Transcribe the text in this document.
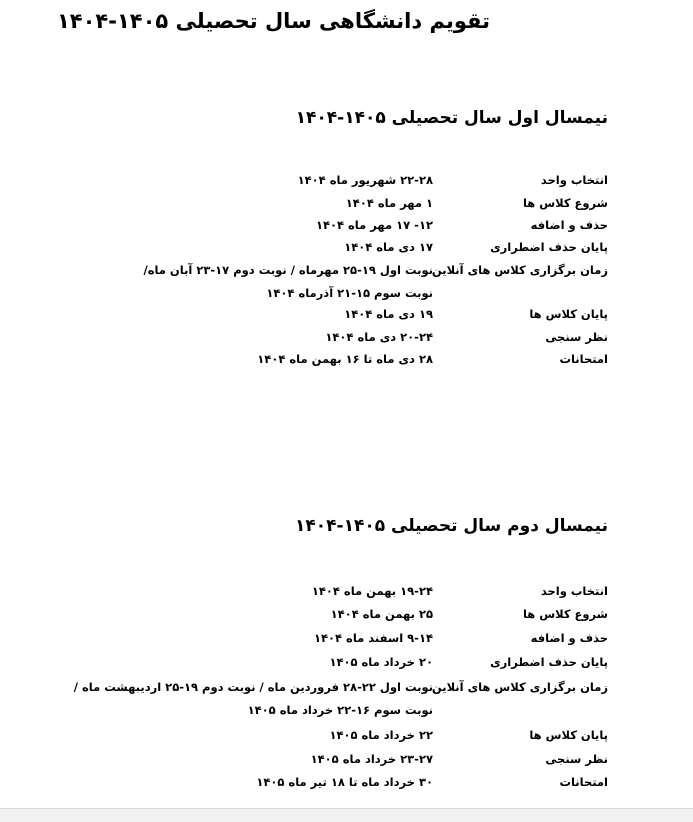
تقویم دانشگاهی سال تحصیلی ۱۴۰۵-۱۴۰۴
نیمسال اول سال تحصیلی ۱۴۰۵-۱۴۰۴
انتخاب واحد
۲۲-۲۸ شهریور ماه ۱۴۰۴
شروع کلاس ها
۱ مهر ماه ۱۴۰۴
حذف و اضافه
۱۲- ۱۷ مهر ماه ۱۴۰۴
پایان حذف اضطراری
۱۷ دی ماه ۱۴۰۴
زمان برگزاری کلاس های آنلاین
نوبت اول ۱۹-۲۵ مهرماه / نوبت دوم ۱۷-۲۳ آبان ماه/
نوبت سوم ۱۵-۲۱ آذرماه ۱۴۰۴
پایان کلاس ها
۱۹ دی ماه ۱۴۰۴
نظر سنجی
۲۰-۲۴ دی ماه ۱۴۰۴
امتحانات
۲۸ دی ماه تا ۱۶ بهمن ماه ۱۴۰۴
نیمسال دوم سال تحصیلی ۱۴۰۵-۱۴۰۴
انتخاب واحد
۱۹-۲۴ بهمن ماه ۱۴۰۴
شروع کلاس ها
۲۵ بهمن ماه ۱۴۰۴
حذف و اضافه
۹-۱۴ اسفند ماه ۱۴۰۴
پایان حذف اضطراری
۲۰ خرداد ماه ۱۴۰۵
زمان برگزاری کلاس های آنلاین
نوبت اول ۲۲-۲۸ فروردین ماه / نوبت دوم ۱۹-۲۵ اردیبهشت ماه /
نوبت سوم ۱۶-۲۲ خرداد ماه ۱۴۰۵
پایان کلاس ها
۲۲ خرداد ماه ۱۴۰۵
نظر سنجی
۲۳-۲۷ خرداد ماه ۱۴۰۵
امتحانات
۳۰ خرداد ماه تا ۱۸ تیر ماه ۱۴۰۵
